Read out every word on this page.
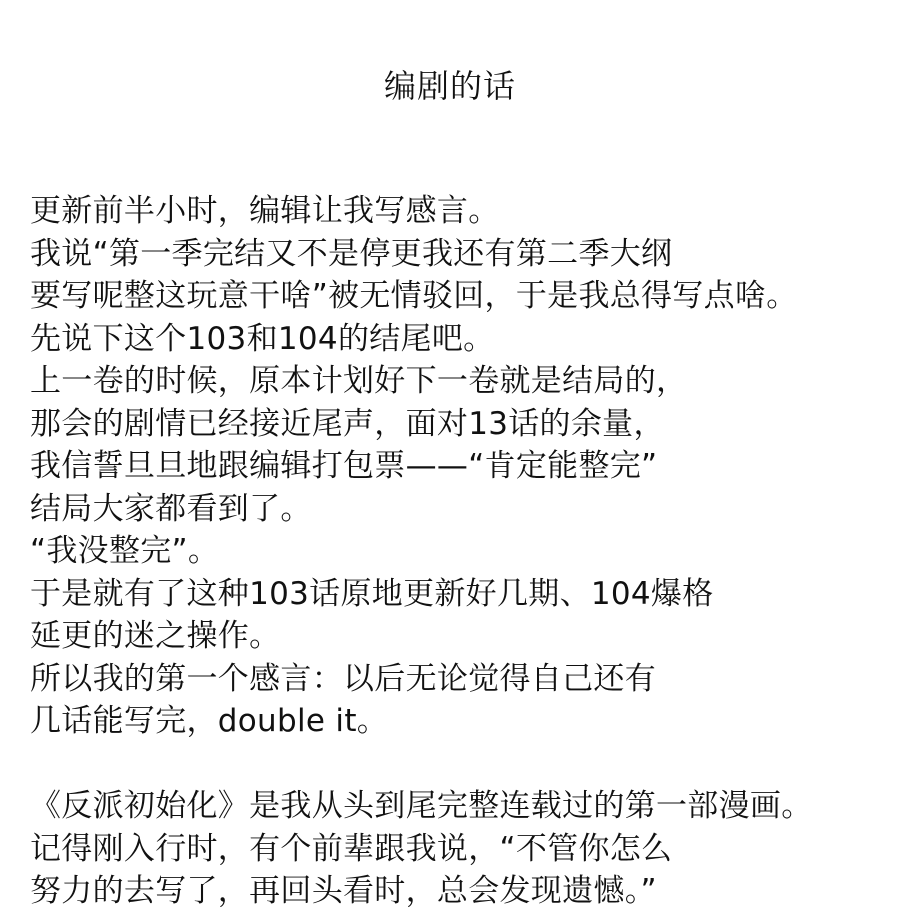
编剧的话
更新前半小时，编辑让我写感言。
我说“第一季完结又不是停更我还有第二季大纲
要写呢整这玩意干啥”被无情驳回，于是我总得写点啥。
先说下这个103和104的结尾吧。
上一卷的时候，原本计划好下一卷就是结局的，
那会的剧情已经接近尾声，面对13话的余量，
我信誓旦旦地跟编辑打包票——“肯定能整完”
结局大家都看到了。
“我没整完”。
于是就有了这种103话原地更新好几期、104爆格
延更的迷之操作。
所以我的第一个感言：以后无论觉得自己还有
几话能写完，double it。
《反派初始化》是我从头到尾完整连载过的第一部漫画。
记得刚入行时，有个前辈跟我说，“不管你怎么
努力的去写了，再回头看时，总会发现遗憾。”
